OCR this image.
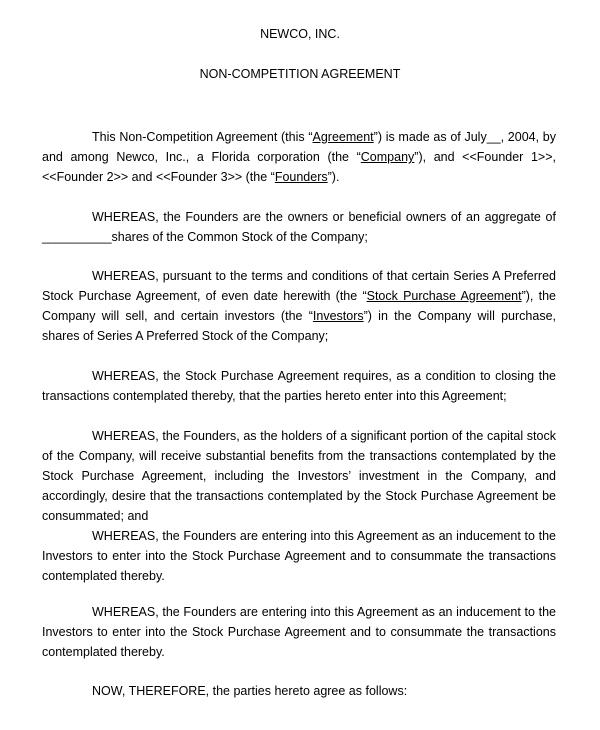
NEWCO, INC.
NON-COMPETITION AGREEMENT
This Non-Competition Agreement (this “Agreement”) is made as of July__, 2004, by and among Newco, Inc., a Florida corporation (the “Company”), and <<Founder 1>>, <<Founder 2>> and <<Founder 3>> (the “Founders”).
WHEREAS, the Founders are the owners or beneficial owners of an aggregate of __________shares of the Common Stock of the Company;
WHEREAS, pursuant to the terms and conditions of that certain Series A Preferred Stock Purchase Agreement, of even date herewith (the “Stock Purchase Agreement”), the Company will sell, and certain investors (the “Investors”) in the Company will purchase, shares of Series A Preferred Stock of the Company;
WHEREAS, the Stock Purchase Agreement requires, as a condition to closing the transactions contemplated thereby, that the parties hereto enter into this Agreement;
WHEREAS, the Founders, as the holders of a significant portion of the capital stock of the Company, will receive substantial benefits from the transactions contemplated by the Stock Purchase Agreement, including the Investors’ investment in the Company, and accordingly, desire that the transactions contemplated by the Stock Purchase Agreement be consummated; and
WHEREAS, the Founders are entering into this Agreement as an inducement to the Investors to enter into the Stock Purchase Agreement and to consummate the transactions contemplated thereby.
WHEREAS, the Founders are entering into this Agreement as an inducement to the Investors to enter into the Stock Purchase Agreement and to consummate the transactions contemplated thereby.
NOW, THEREFORE, the parties hereto agree as follows:
